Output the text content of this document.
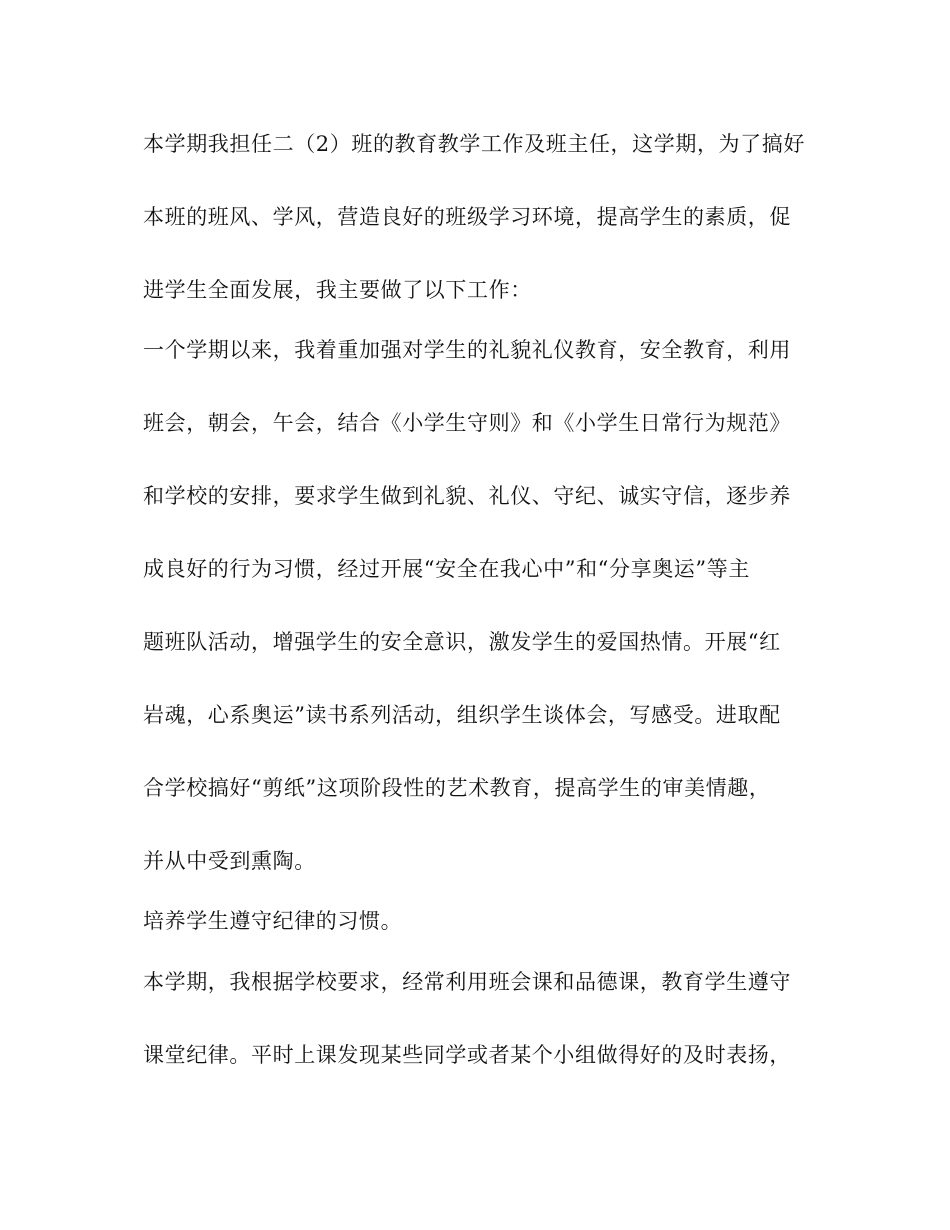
本学期我担任二（2）班的教育教学工作及班主任，这学期，为了搞好
本班的班风、学风，营造良好的班级学习环境，提高学生的素质，促
进学生全面发展，我主要做了以下工作：
一个学期以来，我着重加强对学生的礼貌礼仪教育，安全教育，利用
班会，朝会，午会，结合《小学生守则》和《小学生日常行为规范》
和学校的安排，要求学生做到礼貌、礼仪、守纪、诚实守信，逐步养
成良好的行为习惯，经过开展“安全在我心中”和“分享奥运”等主
题班队活动，增强学生的安全意识，激发学生的爱国热情。开展“红
岩魂，心系奥运”读书系列活动，组织学生谈体会，写感受。进取配
合学校搞好“剪纸”这项阶段性的艺术教育，提高学生的审美情趣，
并从中受到熏陶。
培养学生遵守纪律的习惯。
本学期，我根据学校要求，经常利用班会课和品德课，教育学生遵守
课堂纪律。平时上课发现某些同学或者某个小组做得好的及时表扬，
